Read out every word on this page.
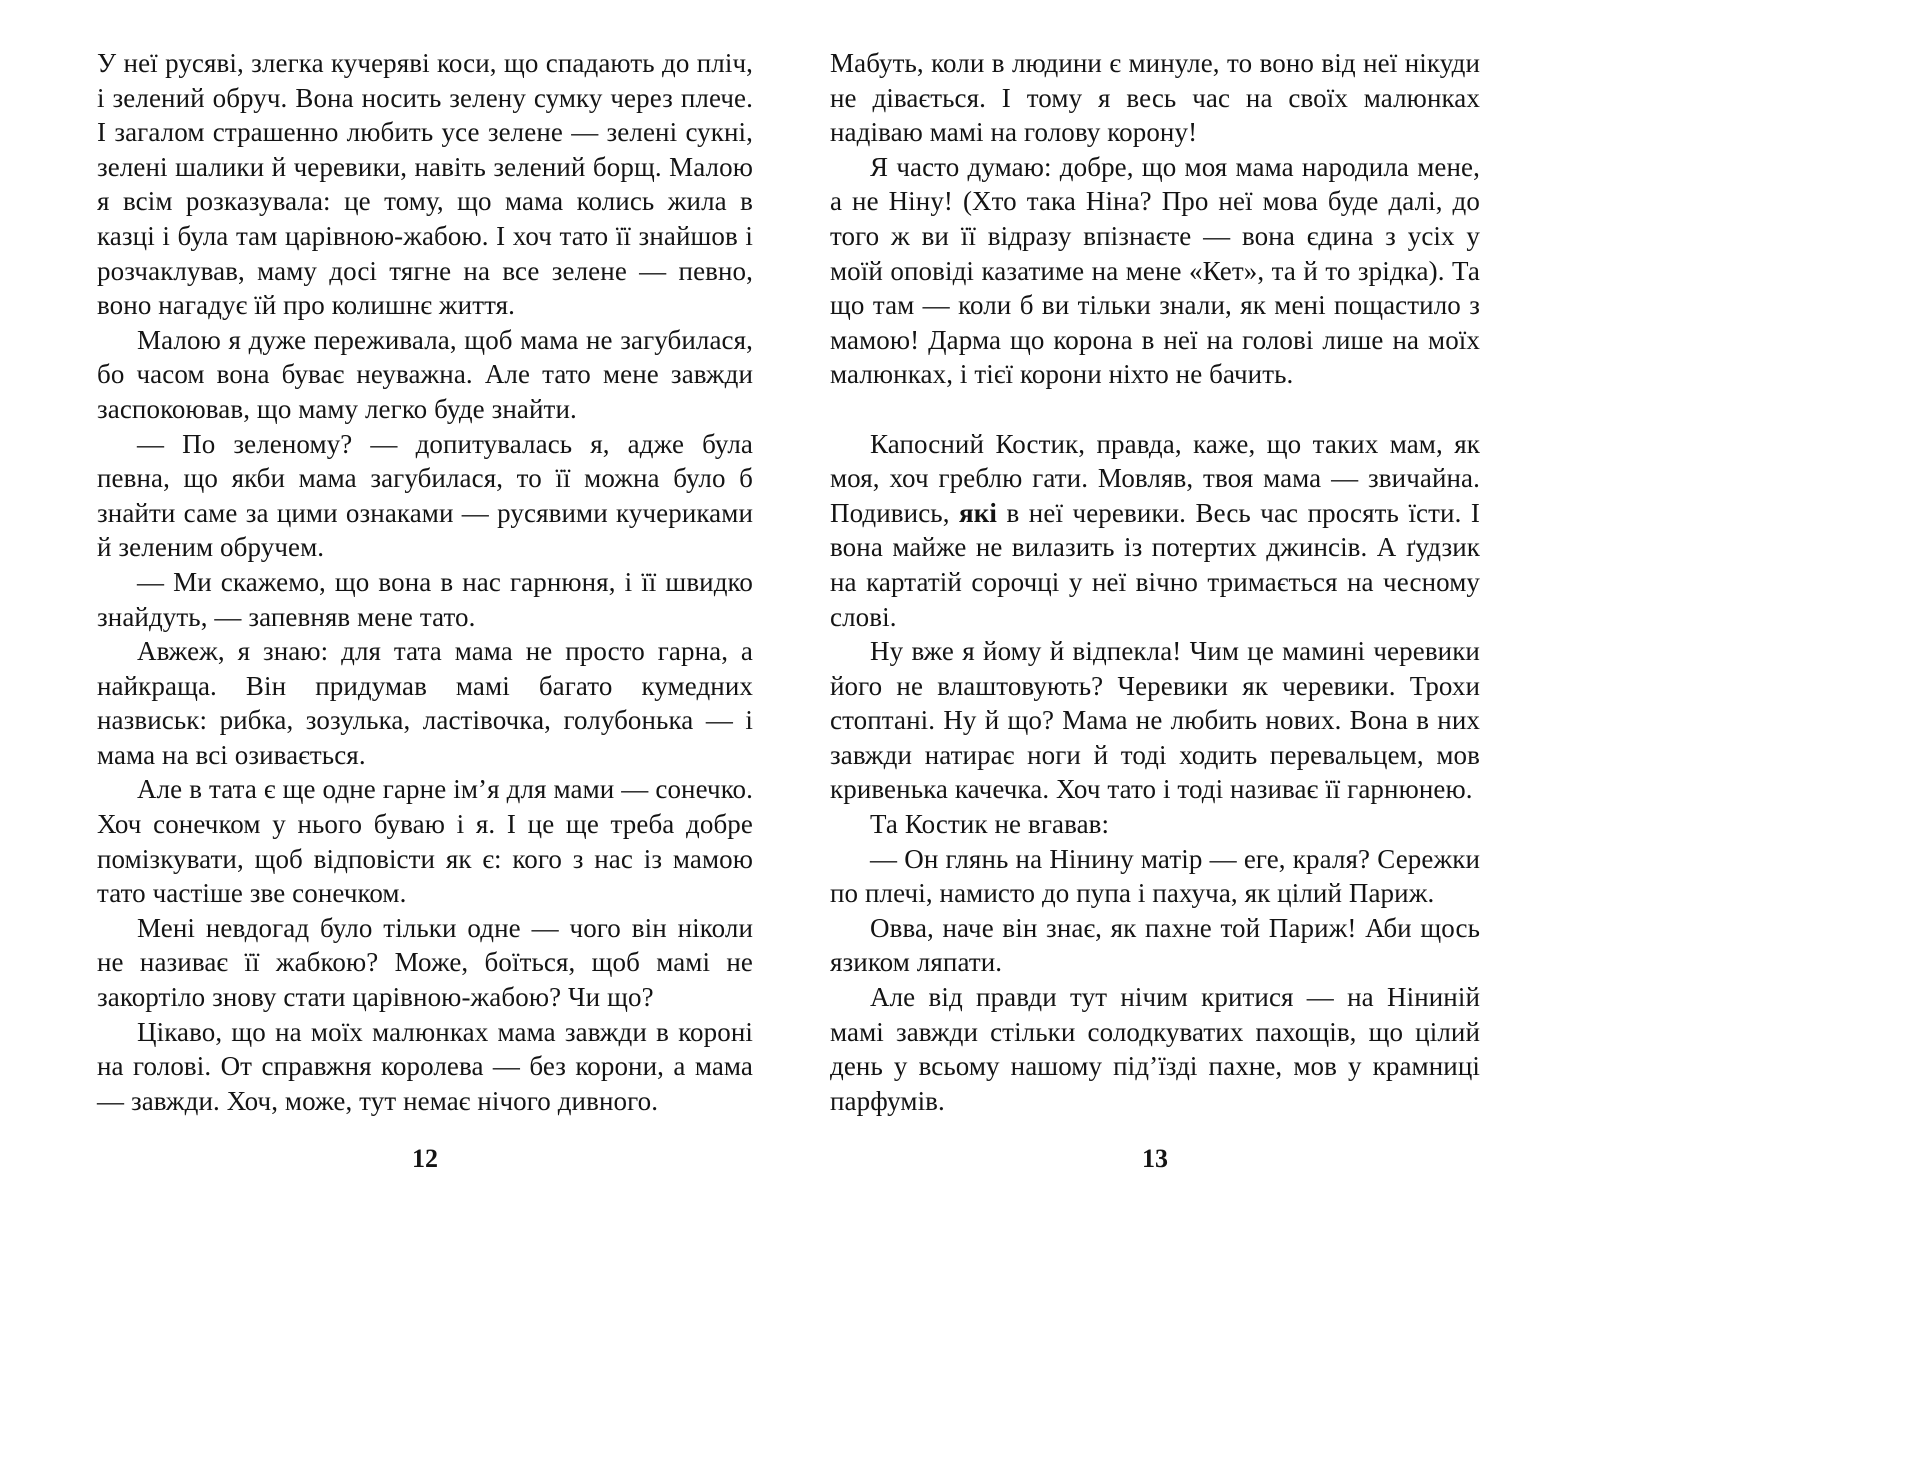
У неї русяві, злегка кучеряві коси, що спадають до пліч, і зелений обруч. Вона носить зелену сумку через плече. І загалом страшенно любить усе зелене — зелені сукні, зелені шалики й черевики, навіть зелений борщ. Малою я всім розказувала: це тому, що мама колись жила в казці і була там царівною-жабою. І хоч тато її знайшов і розчаклував, маму досі тягне на все зелене — певно, воно нагадує їй про колишнє життя.

Малою я дуже переживала, щоб мама не загубилася, бо часом вона буває неуважна. Але тато мене завжди заспокоював, що маму легко буде знайти.

— По зеленому? — допитувалась я, адже була певна, що якби мама загубилася, то її можна було б знайти саме за цими ознаками — русявими кучериками й зеленим обручем.

— Ми скажемо, що вона в нас гарнюня, і її швидко знайдуть, — запевняв мене тато.

Авжеж, я знаю: для тата мама не просто гарна, а найкраща. Він придумав мамі багато кумедних назвиськ: рибка, зозулька, ластівочка, голубонька — і мама на всі озивається.

Але в тата є ще одне гарне ім’я для мами — сонечко. Хоч сонечком у нього буваю і я. І це ще треба добре помізкувати, щоб відповісти як є: кого з нас із мамою тато частіше зве сонечком.

Мені невдогад було тільки одне — чого він ніколи не називає її жабкою? Може, боїться, щоб мамі не закортіло знову стати царівною-жабою? Чи що?

Цікаво, що на моїх малюнках мама завжди в короні на голові. От справжня королева — без корони, а мама — завжди. Хоч, може, тут немає нічого дивного.

12

Мабуть, коли в людини є минуле, то воно від неї нікуди не дівається. І тому я весь час на своїх малюнках надіваю мамі на голову корону!

Я часто думаю: добре, що моя мама народила мене, а не Ніну! (Хто така Ніна? Про неї мова буде далі, до того ж ви її відразу впізнаєте — вона єдина з усіх у моїй оповіді казатиме на мене «Кет», та й то зрідка). Та що там — коли б ви тільки знали, як мені пощастило з мамою! Дарма що корона в неї на голові лише на моїх малюнках, і тієї корони ніхто не бачить.

Капосний Костик, правда, каже, що таких мам, як моя, хоч греблю гати. Мовляв, твоя мама — звичайна. Подивись, які в неї черевики. Весь час просять їсти. І вона майже не вилазить із потертих джинсів. А ґудзик на картатій сорочці у неї вічно тримається на чесному слові.

Ну вже я йому й відпекла! Чим це мамині черевики його не влаштовують? Черевики як черевики. Трохи стоптані. Ну й що? Мама не любить нових. Вона в них завжди натирає ноги й тоді ходить перевальцем, мов кривенька качечка. Хоч тато і тоді називає її гарнюнею.

Та Костик не вгавав:

— Он глянь на Нінину матір — еге, краля? Сережки по плечі, намисто до пупа і пахуча, як цілий Париж.

Овва, наче він знає, як пахне той Париж! Аби щось язиком ляпати.

Але від правди тут нічим критися — на Ніниній мамі завжди стільки солодкуватих пахощів, що цілий день у всьому нашому під’їзді пахне, мов у крамниці парфумів.

13
